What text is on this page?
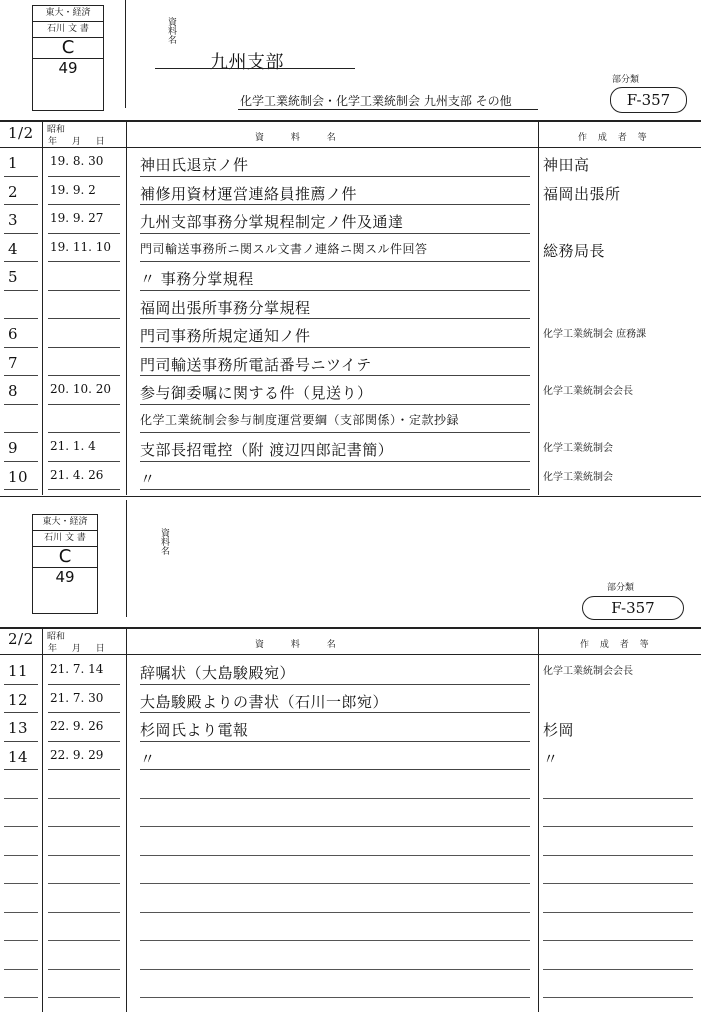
東大・経済
石川 文 書
C
49
資料名
九州支部
化学工業統制会・化学工業統制会 九州支部 その他
部分類
F-357
1/2 昭和
年 月 日	資 料 名	作 成 者 等
1	19. 8. 30 神田氏退京ノ件	神田高
2	19. 9. 2	補修用資材運営連絡員推薦ノ件	福岡出張所
3	19. 9. 27 九州支部事務分掌規程制定ノ件及通達
4	19. 11. 10 門司輸送事務所ニ関スル文書ノ連絡ニ関スル件回答	総務局長
5	〃 事務分掌規程
福岡出張所事務分掌規程
6	門司事務所規定通知ノ件	化学工業統制会 庶務課
7	門司輸送事務所電話番号ニツイテ
8	20. 10. 20 参与御委嘱に関する件（見送り）	化学工業統制会会長
化学工業統制会参与制度運営要綱（支部関係）・定款抄録
9	21. 1. 4	支部長招電控（附 渡辺四郎記書簡）	化学工業統制会
10 21. 4. 26 〃	化学工業統制会
東大・経済
石川 文 書
C
49
資料名
部分類
F-357
2/2 昭和
年 月 日	資 料 名	作 成 者 等
11 21. 7. 14 辞嘱状（大島駿殿宛）	化学工業統制会会長
12 21. 7. 30 大島駿殿よりの書状（石川一郎宛）
13 22. 9. 26 杉岡氏より電報	杉岡
14 22. 9. 29 〃	〃
